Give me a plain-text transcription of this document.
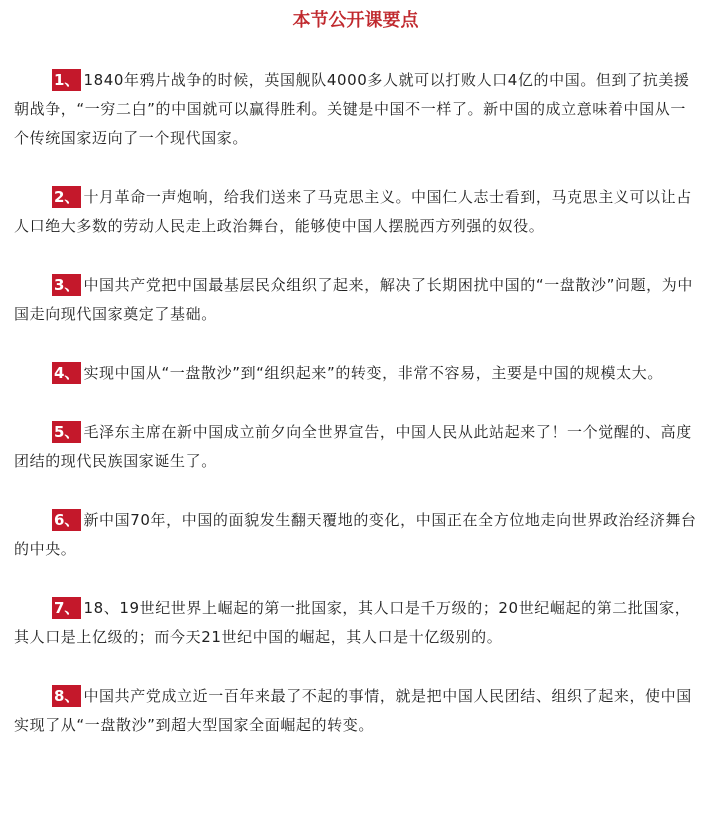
本节公开课要点

1、 1840年鸦片战争的时候，英国舰队4000多人就可以打败人口4亿的中国。但到了抗美援朝战争，“一穷二白”的中国就可以赢得胜利。关键是中国不一样了。新中国的成立意味着中国从一个传统国家迈向了一个现代国家。

2、 十月革命一声炮响，给我们送来了马克思主义。中国仁人志士看到，马克思主义可以让占人口绝大多数的劳动人民走上政治舞台，能够使中国人摆脱西方列强的奴役。

3、 中国共产党把中国最基层民众组织了起来，解决了长期困扰中国的“一盘散沙”问题，为中国走向现代国家奠定了基础。

4、 实现中国从“一盘散沙”到“组织起来”的转变，非常不容易，主要是中国的规模太大。

5、 毛泽东主席在新中国成立前夕向全世界宣告，中国人民从此站起来了！一个觉醒的、高度团结的现代民族国家诞生了。

6、 新中国70年，中国的面貌发生翻天覆地的变化，中国正在全方位地走向世界政治经济舞台的中央。

7、 18、19世纪世界上崛起的第一批国家，其人口是千万级的；20世纪崛起的第二批国家，其人口是上亿级的；而今天21世纪中国的崛起，其人口是十亿级别的。

8、 中国共产党成立近一百年来最了不起的事情，就是把中国人民团结、组织了起来，使中国实现了从“一盘散沙”到超大型国家全面崛起的转变。
